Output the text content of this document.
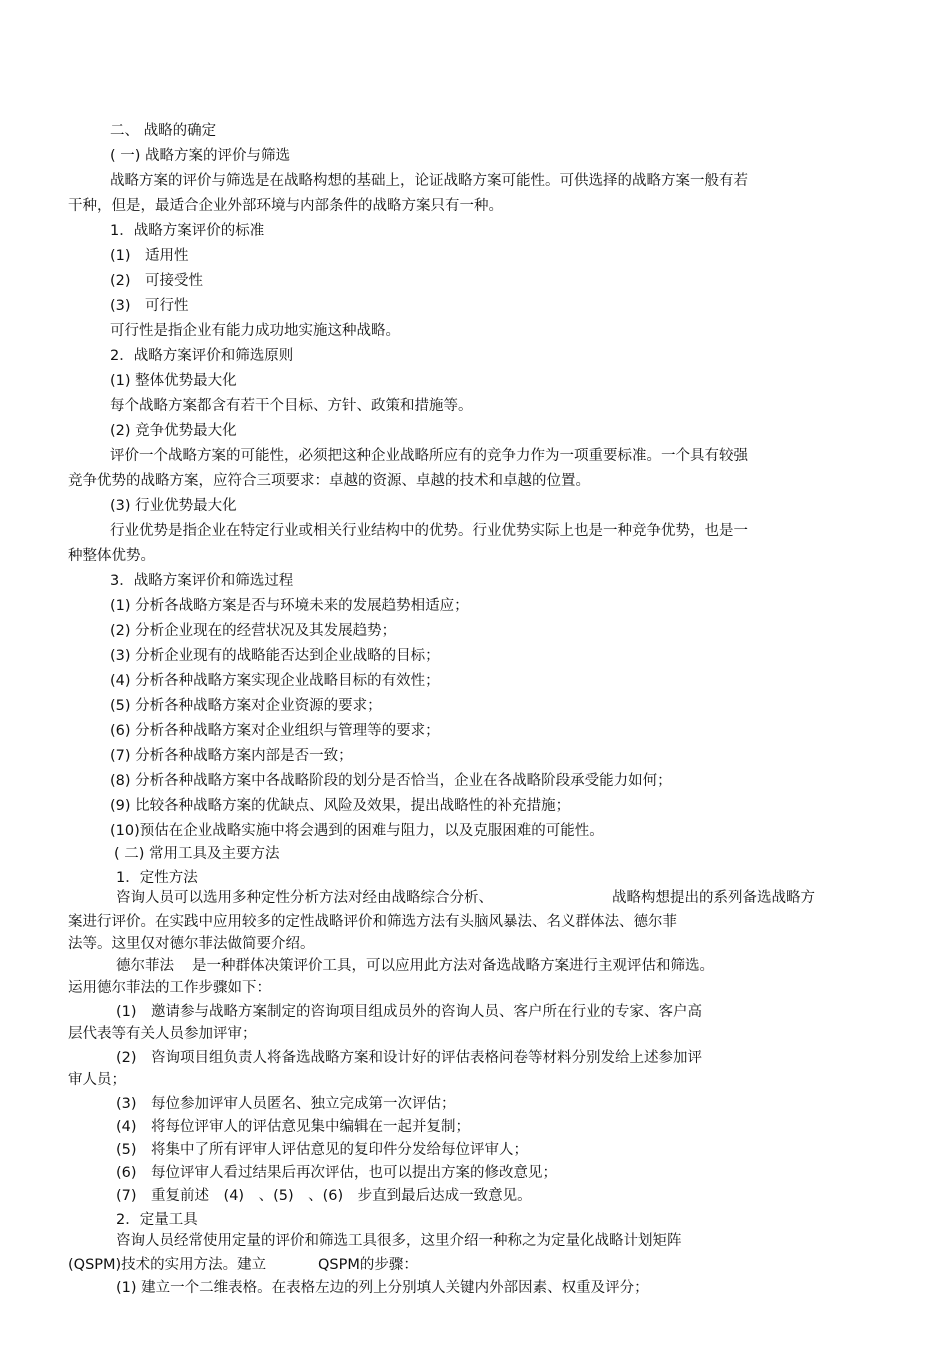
二、 战略的确定
( 一) 战略方案的评价与筛选
战略方案的评价与筛选是在战略构想的基础上，论证战略方案可能性。可供选择的战略方案一般有若
干种，但是，最适合企业外部环境与内部条件的战略方案只有一种。
1．战略方案评价的标准
(1)　适用性
(2)　可接受性
(3)　可行性
可行性是指企业有能力成功地实施这种战略。
2．战略方案评价和筛选原则
(1) 整体优势最大化
每个战略方案都含有若干个目标、方针、政策和措施等。
(2) 竞争优势最大化
评价一个战略方案的可能性，必须把这种企业战略所应有的竞争力作为一项重要标准。一个具有较强
竞争优势的战略方案，应符合三项要求：卓越的资源、卓越的技术和卓越的位置。
(3) 行业优势最大化
行业优势是指企业在特定行业或相关行业结构中的优势。行业优势实际上也是一种竞争优势，也是一
种整体优势。
3．战略方案评价和筛选过程
(1) 分析各战略方案是否与环境未来的发展趋势相适应；
(2) 分析企业现在的经营状况及其发展趋势；
(3) 分析企业现有的战略能否达到企业战略的目标；
(4) 分析各种战略方案实现企业战略目标的有效性；
(5) 分析各种战略方案对企业资源的要求；
(6) 分析各种战略方案对企业组织与管理等的要求；
(7) 分析各种战略方案内部是否一致；
(8) 分析各种战略方案中各战略阶段的划分是否恰当，企业在各战略阶段承受能力如何；
(9) 比较各种战略方案的优缺点、风险及效果，提出战略性的补充措施；
(10)预估在企业战略实施中将会遇到的困难与阻力，以及克服困难的可能性。
( 二) 常用工具及主要方法
1．定性方法
咨询人员可以选用多种定性分析方法对经由战略综合分析、	战略构想提出的系列备选战略方
案进行评价。在实践中应用较多的定性战略评价和筛选方法有头脑风暴法、名义群体法、德尔菲
法等。这里仅对德尔菲法做简要介绍。
德尔菲法 是一种群体决策评价工具，可以应用此方法对备选战略方案进行主观评估和筛选。
运用德尔菲法的工作步骤如下：
(1)　邀请参与战略方案制定的咨询项目组成员外的咨询人员、客户所在行业的专家、客户高
层代表等有关人员参加评审；
(2)　咨询项目组负责人将备选战略方案和设计好的评估表格问卷等材料分别发给上述参加评
审人员；
(3)　每位参加评审人员匿名、独立完成第一次评估；
(4)　将每位评审人的评估意见集中编辑在一起并复制；
(5)　将集中了所有评审人评估意见的复印件分发给每位评审人；
(6)　每位评审人看过结果后再次评估，也可以提出方案的修改意见；
(7)　重复前述　(4)　、(5)　、(6)　步直到最后达成一致意见。
2．定量工具
咨询人员经常使用定量的评价和筛选工具很多，这里介绍一种称之为定量化战略计划矩阵
(QSPM)技术的实用方法。建立	QSPM的步骤：
(1) 建立一个二维表格。在表格左边的列上分别填人关键内外部因素、权重及评分；
